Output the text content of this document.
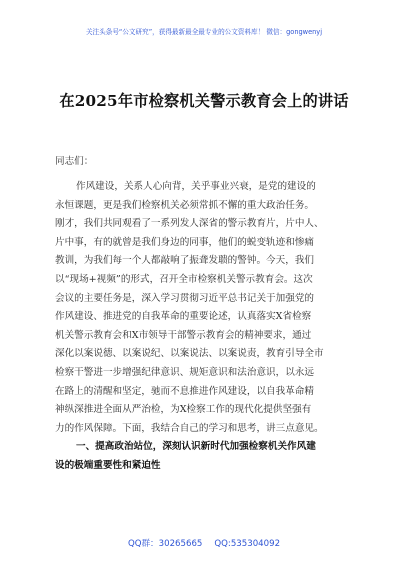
关注头条号“公文研究”，获得最新最全最专业的公文资料库！ 微信：gongwenyj
在2025年市检察机关警示教育会上的讲话
同志们：
作风建设，关系人心向背，关乎事业兴衰，是党的建设的
永恒课题，更是我们检察机关必须常抓不懈的重大政治任务。
刚才，我们共同观看了一系列发人深省的警示教育片，片中人、
片中事，有的就曾是我们身边的同事，他们的蜕变轨迹和惨痛
教训，为我们每一个人都敲响了振聋发聩的警钟。今天，我们
以“现场+视频”的形式，召开全市检察机关警示教育会。这次
会议的主要任务是，深入学习贯彻习近平总书记关于加强党的
作风建设、推进党的自我革命的重要论述，认真落实X省检察
机关警示教育会和X市领导干部警示教育会的精神要求，通过
深化以案说德、以案说纪、以案说法、以案说责，教育引导全市
检察干警进一步增强纪律意识、规矩意识和法治意识，以永远
在路上的清醒和坚定，驰而不息推进作风建设，以自我革命精
神纵深推进全面从严治检，为X检察工作的现代化提供坚强有
力的作风保障。下面，我结合自己的学习和思考，讲三点意见。
一、提高政治站位，深刻认识新时代加强检察机关作风建
设的极端重要性和紧迫性
QQ群：30265665 QQ:535304092
